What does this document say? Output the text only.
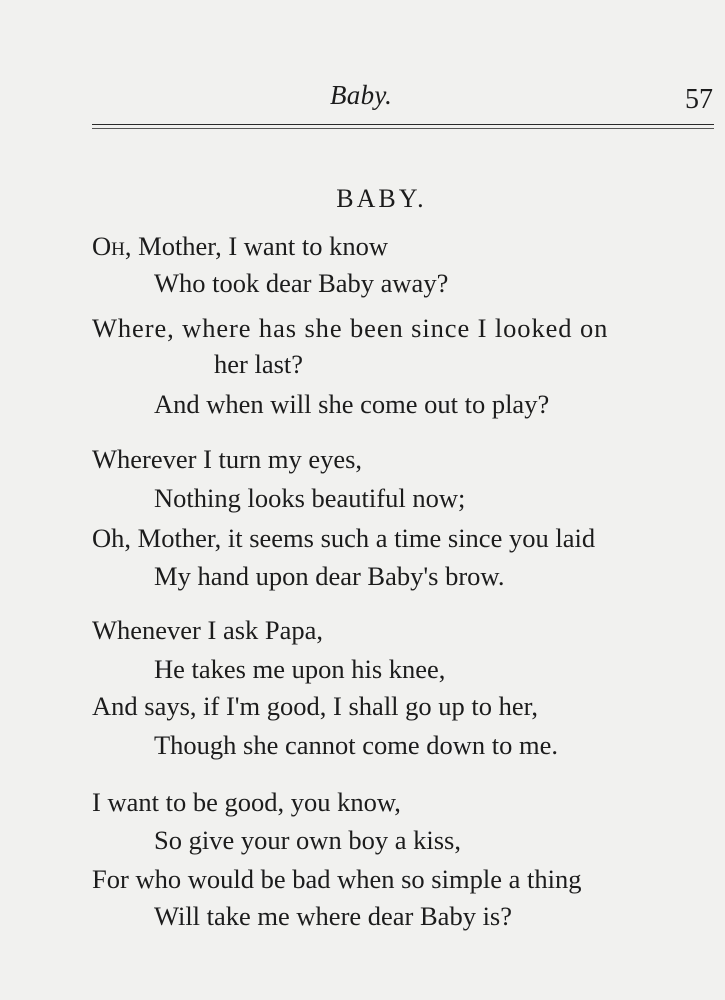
Baby.	57
BABY.
Oh, Mother, I want to know
Who took dear Baby away?
Where, where has she been since I looked on
her last?
And when will she come out to play?
Wherever I turn my eyes,
Nothing looks beautiful now;
Oh, Mother, it seems such a time since you laid
My hand upon dear Baby's brow.
Whenever I ask Papa,
He takes me upon his knee,
And says, if I'm good, I shall go up to her,
Though she cannot come down to me.
I want to be good, you know,
So give your own boy a kiss,
For who would be bad when so simple a thing
Will take me where dear Baby is?
